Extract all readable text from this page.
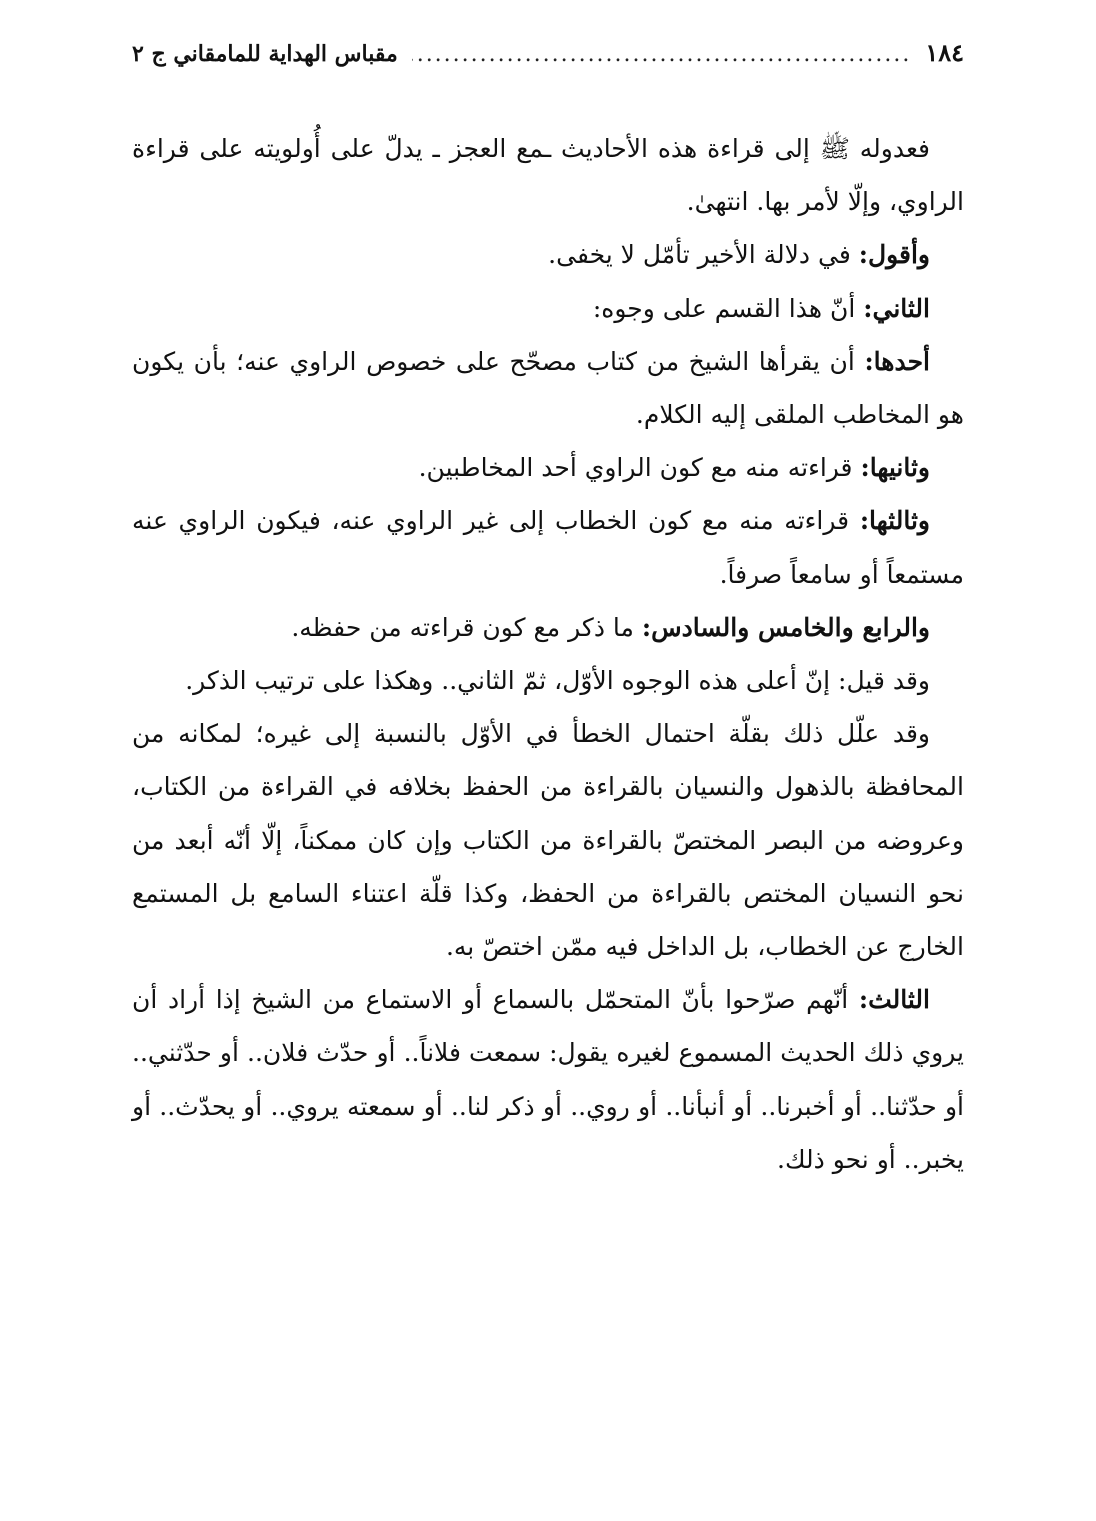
١٨٤
.....
مقباس الهداية للمامقاني ج ٢

فعدوله ﷺ إلى قراءة هذه الأحاديث ـمع العجز ـ يدلّ على أُولويته على قراءة الراوي، وإلّا لأمر بها. انتهىٰ.

وأقول: في دلالة الأخير تأمّل لا يخفى.

الثاني: أنّ هذا القسم على وجوه:

أحدها: أن يقرأها الشيخ من كتاب مصحّح على خصوص الراوي عنه؛ بأن يكون هو المخاطب الملقى إليه الكلام.

وثانيها: قراءته منه مع كون الراوي أحد المخاطبين.

وثالثها: قراءته منه مع كون الخطاب إلى غير الراوي عنه، فيكون الراوي عنه مستمعاً أو سامعاً صرفاً.

والرابع والخامس والسادس: ما ذكر مع كون قراءته من حفظه.

وقد قيل: إنّ أعلى هذه الوجوه الأوّل، ثمّ الثاني.. وهكذا على ترتيب الذكر.

وقد علّل ذلك بقلّة احتمال الخطأ في الأوّل بالنسبة إلى غيره؛ لمكانه من المحافظة بالذهول والنسيان بالقراءة من الحفظ بخلافه في القراءة من الكتاب، وعروضه من البصر المختصّ بالقراءة من الكتاب وإن كان ممكناً، إلّا أنّه أبعد من نحو النسيان المختص بالقراءة من الحفظ، وكذا قلّة اعتناء السامع بل المستمع الخارج عن الخطاب، بل الداخل فيه ممّن اختصّ به.

الثالث: أنّهم صرّحوا بأنّ المتحمّل بالسماع أو الاستماع من الشيخ إذا أراد أن يروي ذلك الحديث المسموع لغيره يقول: سمعت فلاناً.. أو حدّث فلان.. أو حدّثني.. أو حدّثنا.. أو أخبرنا.. أو أنبأنا.. أو روي.. أو ذكر لنا.. أو سمعته يروي.. أو يحدّث.. أو يخبر.. أو نحو ذلك.
